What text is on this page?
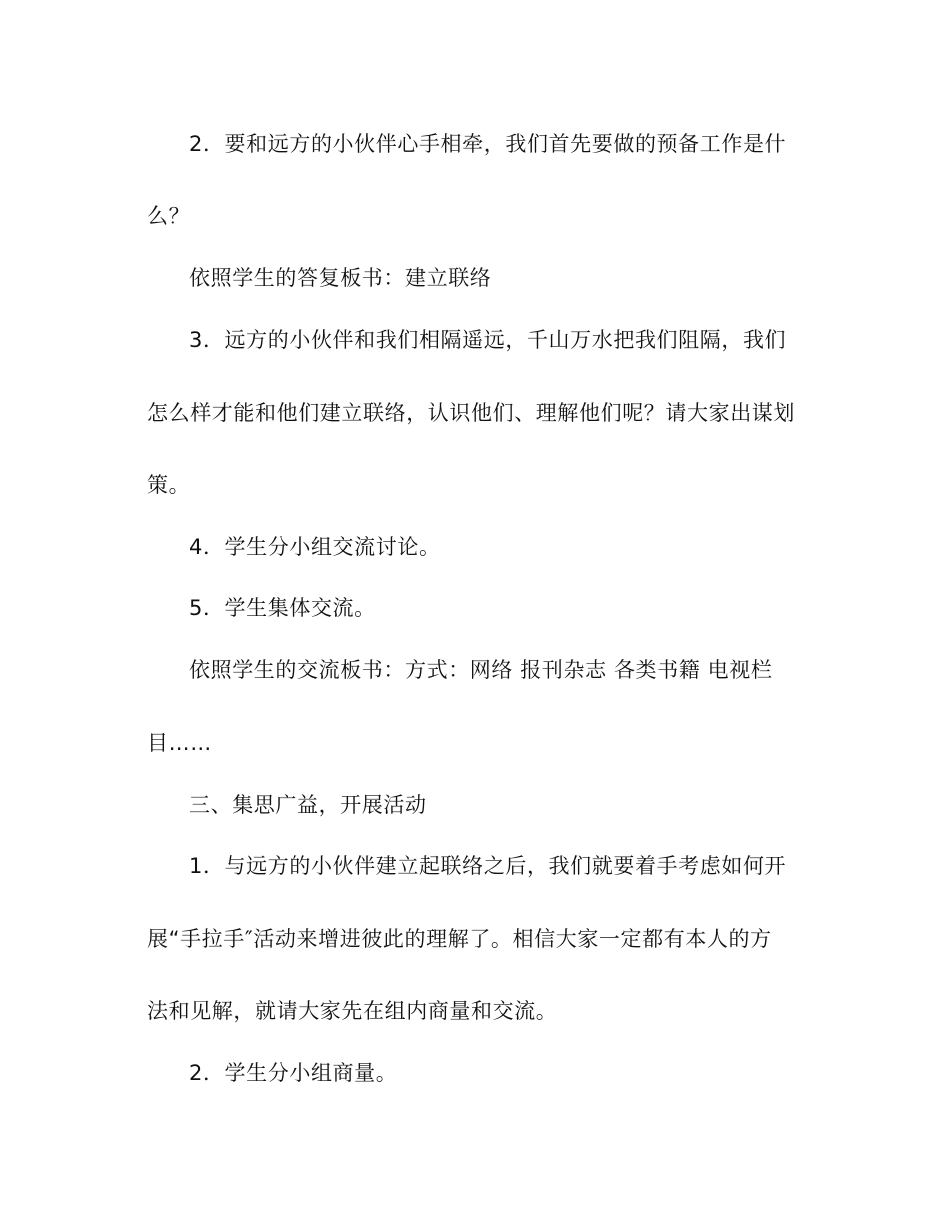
2．要和远方的小伙伴心手相牵，我们首先要做的预备工作是什
么？
依照学生的答复板书：建立联络
3．远方的小伙伴和我们相隔遥远，千山万水把我们阻隔，我们
怎么样才能和他们建立联络，认识他们、理解他们呢？请大家出谋划
策。
4．学生分小组交流讨论。
5．学生集体交流。
依照学生的交流板书：方式：网络 报刊杂志 各类书籍 电视栏
目……
三、集思广益，开展活动
1．与远方的小伙伴建立起联络之后，我们就要着手考虑如何开
展“手拉手″活动来增进彼此的理解了。相信大家一定都有本人的方
法和见解，就请大家先在组内商量和交流。
2．学生分小组商量。
